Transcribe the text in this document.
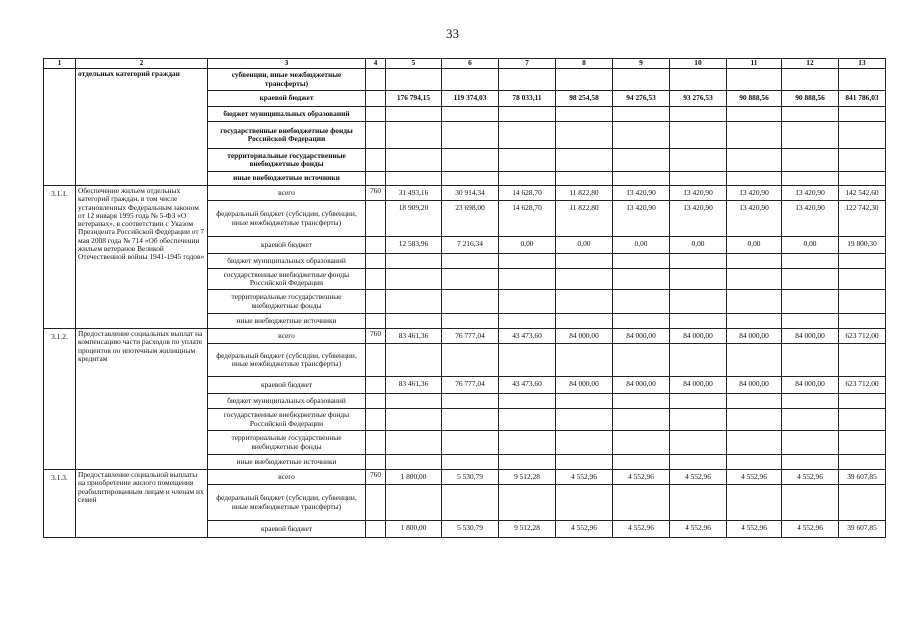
33
1	2	3	4	5	6	7	8	9	10	11	12	13
	отдельных категорий граждан	субвенции, иные межбюджетные трансферты)										
		краевой бюджет		176 794,15	119 374,03	78 033,11	98 254,58	94 276,53	93 276,53	90 888,56	90 888,56	841 786,03
		бюджет муниципальных образований										
		государственные внебюджетные фонды Российской Федерации										
		территориальные государственные внебюджетные фонды										
		иные внебюджетные источники										
3.1.1.	Обеспечение жильем отдельных категорий граждан, в том числе установленных Федеральным законом от 12 января 1995 года № 5-ФЗ «О ветеранах», в соответствии с Указом Президента Российской Федерации от 7 мая 2008 года № 714 «Об обеспечении жильем ветеранов Великой Отечественной войны 1941-1945 годов»	всего	760	31 493,16	30 914,34	14 628,70	11 822,80	13 420,90	13 420,90	13 420,90	13 420,90	142 542,60
		федеральный бюджет (субсидии, субвенции, иные межбюджетные трансферты)		18 909,20	23 698,00	14 628,70	11 822,80	13 420,90	13 420,90	13 420,90	13 420,90	122 742,30
		краевой бюджет		12 583,96	7 216,34	0,00	0,00	0,00	0,00	0,00	0,00	19 800,30
		бюджет муниципальных образований										
		государственные внебюджетные фонды Российской Федерации										
		территориальные государственные внебюджетные фонды										
		иные внебюджетные источники										
3.1.2.	Предоставление социальных выплат на компенсацию части расходов по уплате процентов по ипотечным жилищным кредитам	всего	760	83 461,36	76 777,04	43 473,60	84 000,00	84 000,00	84 000,00	84 000,00	84 000,00	623 712,00
		федеральный бюджет (субсидии, субвенции, иные межбюджетные трансферты)										
		краевой бюджет		83 461,36	76 777,04	43 473,60	84 000,00	84 000,00	84 000,00	84 000,00	84 000,00	623 712,00
		бюджет муниципальных образований										
		государственные внебюджетные фонды Российской Федерации										
		территориальные государственные внебюджетные фонды										
		иные внебюджетные источники										
3.1.3.	Предоставление социальной выплаты на приобретение жилого помещения реабилитированным лицам и членам их семей	всего	760	1 800,00	5 530,79	9 512,28	4 552,96	4 552,96	4 552,96	4 552,96	4 552,96	39 607,85
		федеральный бюджет (субсидии, субвенции, иные межбюджетные трансферты)										
		краевой бюджет		1 800,00	5 530,79	9 512,28	4 552,96	4 552,96	4 552,96	4 552,96	4 552,96	39 607,85
